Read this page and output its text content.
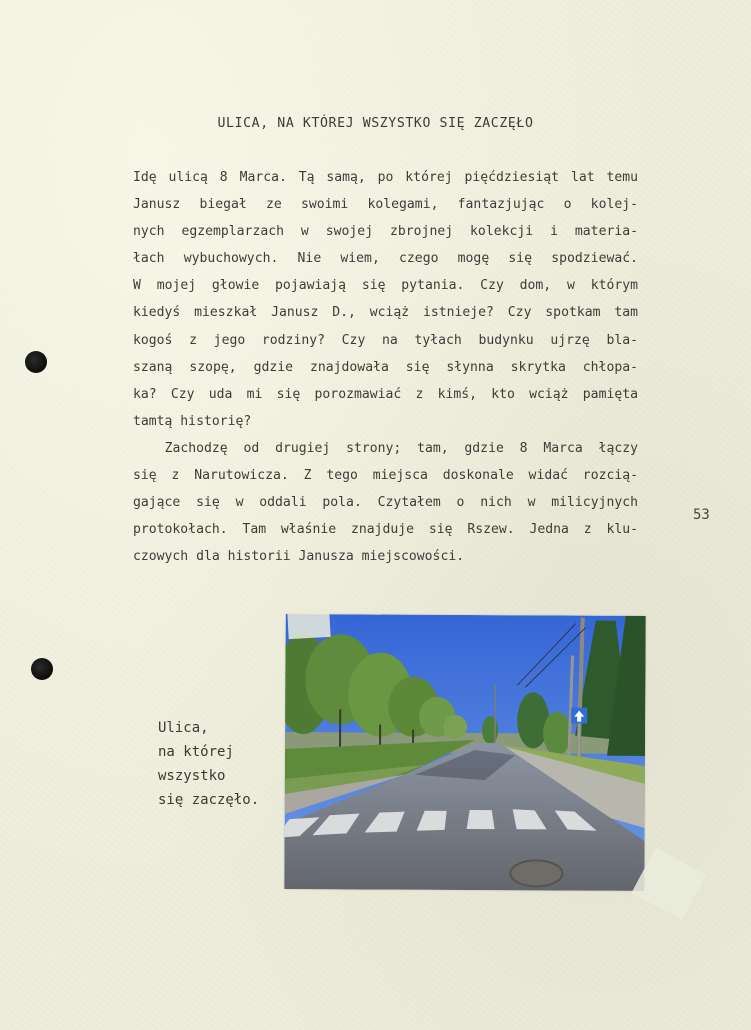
ULICA, NA KTÓREJ WSZYSTKO SIĘ ZACZĘŁO
Idę ulicą 8 Marca. Tą samą, po której pięćdziesiąt lat temu
Janusz biegał ze swoimi kolegami, fantazjując o kolej-
nych egzemplarzach w swojej zbrojnej kolekcji i materia-
łach wybuchowych. Nie wiem, czego mogę się spodziewać.
W mojej głowie pojawiają się pytania. Czy dom, w którym
kiedyś mieszkał Janusz D., wciąż istnieje? Czy spotkam tam
kogoś z jego rodziny? Czy na tyłach budynku ujrzę bla-
szaną szopę, gdzie znajdowała się słynna skrytka chłopa-
ka? Czy uda mi się porozmawiać z kimś, kto wciąż pamięta
tamtą historię?
Zachodzę od drugiej strony; tam, gdzie 8 Marca łączy
się z Narutowicza. Z tego miejsca doskonale widać rozcią-
gające się w oddali pola. Czytałem o nich w milicyjnych
protokołach. Tam właśnie znajduje się Rszew. Jedna z klu-
czowych dla historii Janusza miejscowości.
53
Ulica,
na której
wszystko
się zaczęło.
